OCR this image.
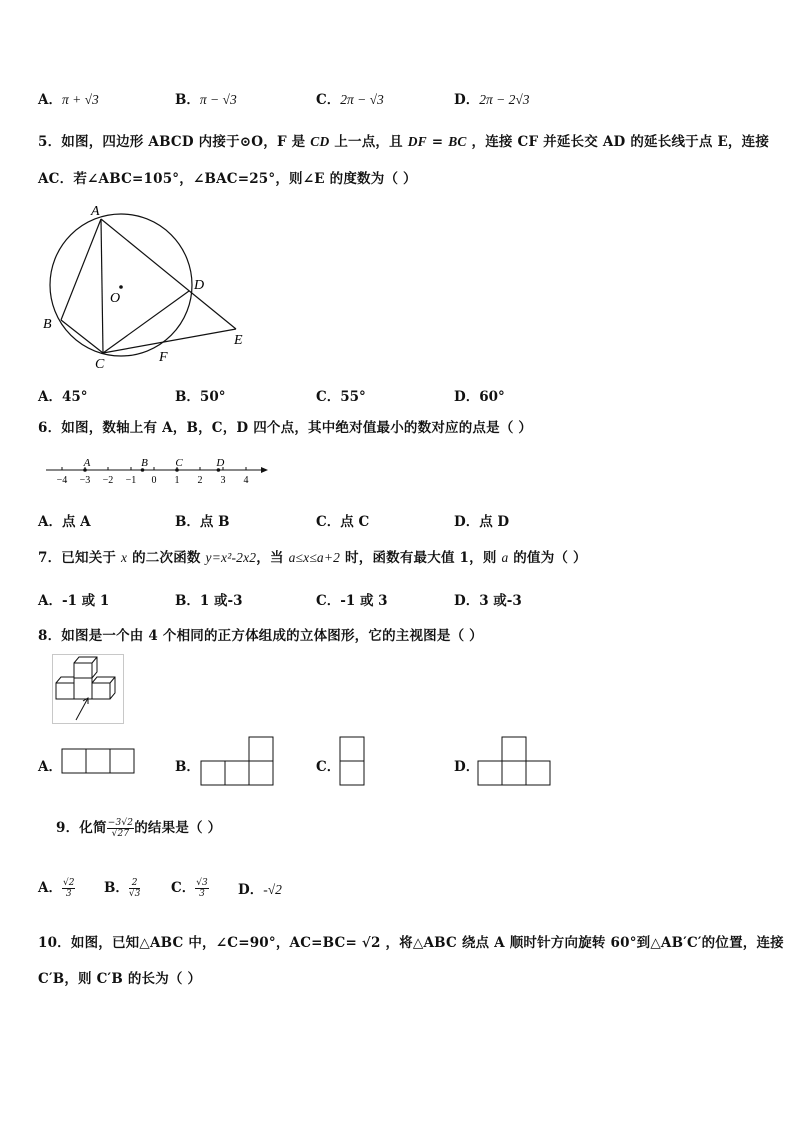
A．π + √3	B．π − √3	C．2π − √3	D．2π − 2√3
5．如图，四边形 ABCD 内接于⊙O，F 是 CD 上一点，且 DF = BC ，连接 CF 并延长交 AD 的延长线于点 E，连接
AC．若∠ABC=105°，∠BAC=25°，则∠E 的度数为（ ）
A
B
C
D
E
F
O
A．45°	B．50°	C．55°	D．60°
6．如图，数轴上有 A，B，C，D 四个点，其中绝对值最小的数对应的点是（ ）
−4 −3 −2 −1 0 1 2 3 4
A	B C	D
A．点 A	B．点 B	C．点 C	D．点 D
7．已知关于 x 的二次函数 y=x²-2x2，当 a≤x≤a+2 时，函数有最大值 1，则 a 的值为（ ）
A．-1 或 1	B．1 或-3	C．-1 或 3	D．3 或-3
8．如图是一个由 4 个相同的正方体组成的立体图形，它的主视图是（ ）
A．	B．	C．	D．
9．化简 $\frac{-3√2}{√27}$ 的结果是（ ）
A． $\frac{√2}{3}$ B． $\frac{2}{√3}$ C． $\frac{√3}{3}$ D．-√2
10．如图，已知△ABC 中，∠C=90°，AC=BC= √2 ，将△ABC 绕点 A 顺时针方向旋转 60°到△AB′C′的位置，连接
C′B，则 C′B 的长为（ ）
